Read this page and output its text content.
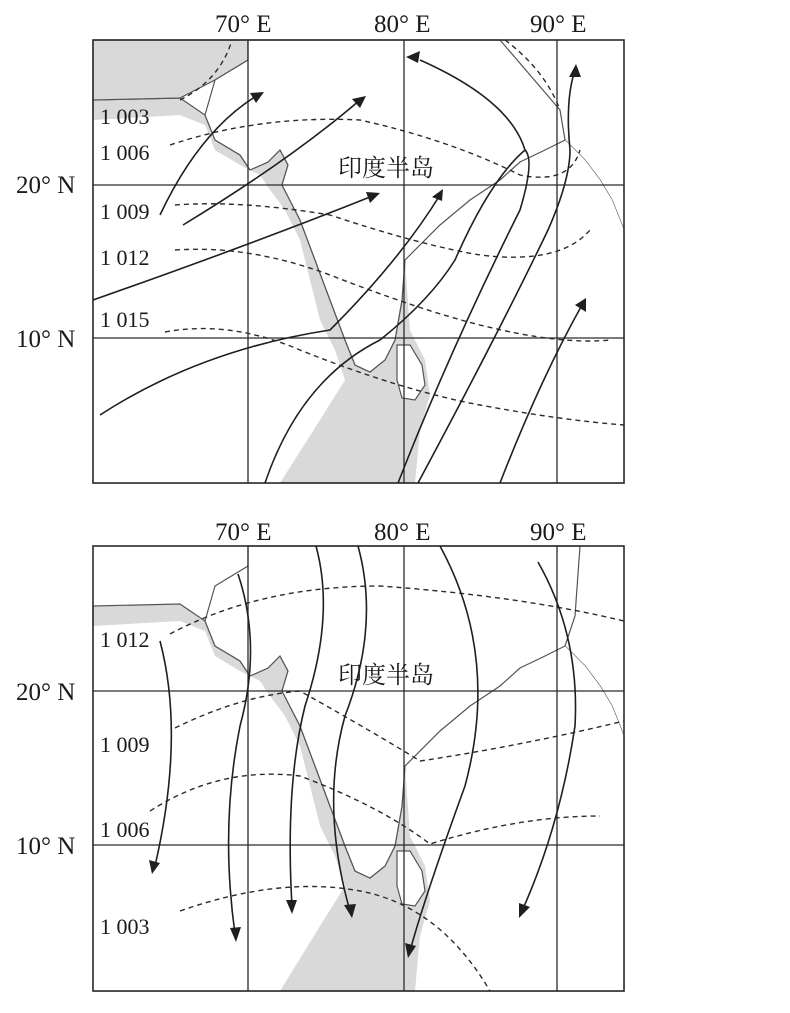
70° E	80° E	90° E
1 003
1 006
1 009
1 012
1 015
印度半岛
20° N
10° N
70° E	80° E	90° E
1 012
1 009
1 006
1 003
印度半岛
20° N
10° N
